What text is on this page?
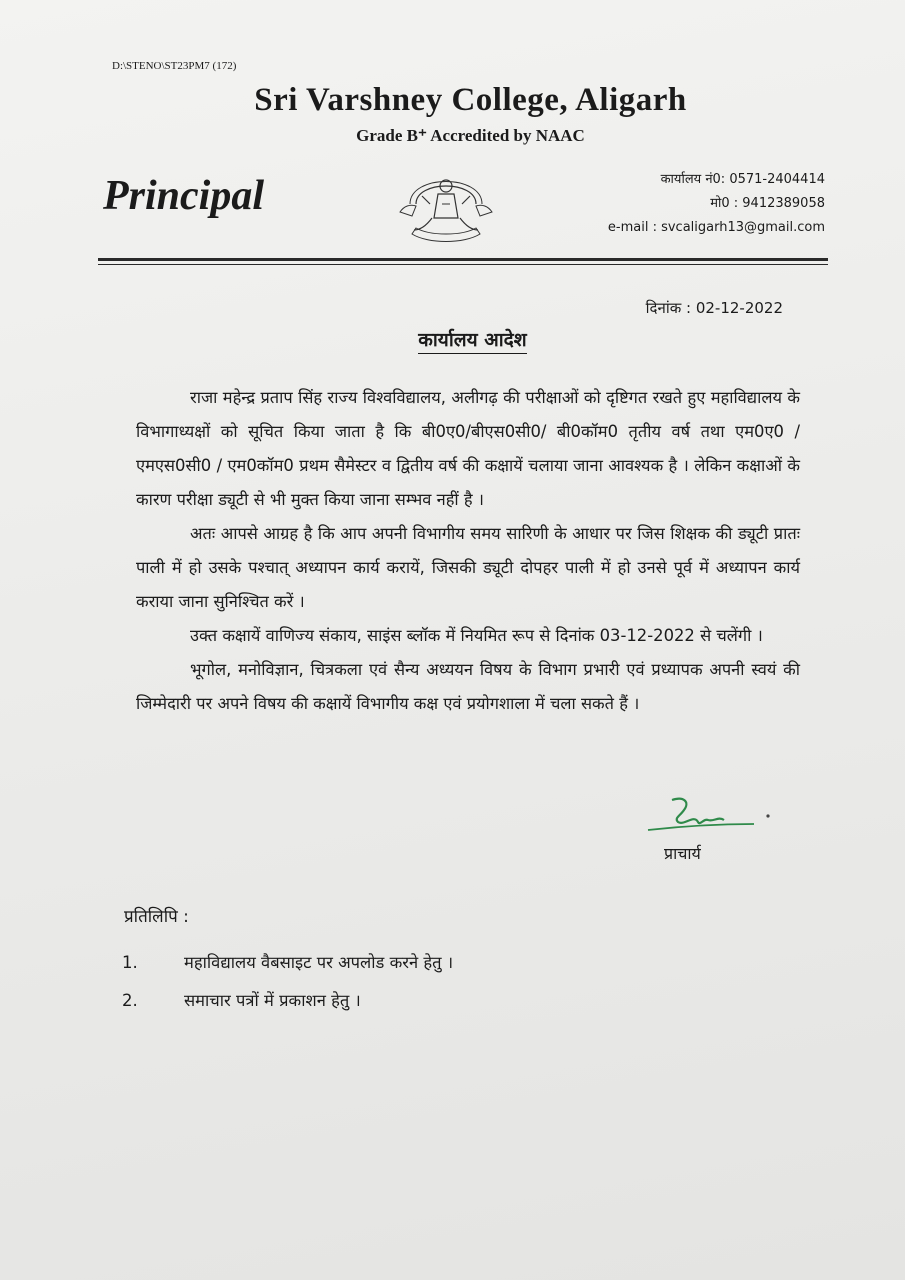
D:\STENO\ST23PM7 (172)
Sri Varshney College, Aligarh
Grade B⁺ Accredited by NAAC
Principal	कार्यालय नं0: 0571-2404414
मो0 : 9412389058
e-mail : svcaligarh13@gmail.com
दिनांक : 02-12-2022
कार्यालय आदेश

राजा महेन्द्र प्रताप सिंह राज्य विश्वविद्यालय, अलीगढ़ की परीक्षाओं को दृष्टिगत रखते हुए महाविद्यालय के विभागाध्यक्षों को सूचित किया जाता है कि बी0ए0/बीएस0सी0/ बी0कॉम0 तृतीय वर्ष तथा एम0ए0 / एमएस0सी0 / एम0कॉम0 प्रथम सैमेस्टर व द्वितीय वर्ष की कक्षायें चलाया जाना आवश्यक है । लेकिन कक्षाओं के कारण परीक्षा ड्यूटी से भी मुक्त किया जाना सम्भव नहीं है ।

अतः आपसे आग्रह है कि आप अपनी विभागीय समय सारिणी के आधार पर जिस शिक्षक की ड्यूटी प्रातः पाली में हो उसके पश्चात् अध्यापन कार्य करायें, जिसकी ड्यूटी दोपहर पाली में हो उनसे पूर्व में अध्यापन कार्य कराया जाना सुनिश्चित करें ।

उक्त कक्षायें वाणिज्य संकाय, साइंस ब्लॉक में नियमित रूप से दिनांक 03-12-2022 से चलेंगी ।

भूगोल, मनोविज्ञान, चित्रकला एवं सैन्य अध्ययन विषय के विभाग प्रभारी एवं प्रध्यापक अपनी स्वयं की जिम्मेदारी पर अपने विषय की कक्षायें विभागीय कक्ष एवं प्रयोगशाला में चला सकते हैं ।

प्राचार्य
प्रतिलिपि :
1.	महाविद्यालय वैबसाइट पर अपलोड करने हेतु ।
2.	समाचार पत्रों में प्रकाशन हेतु ।
